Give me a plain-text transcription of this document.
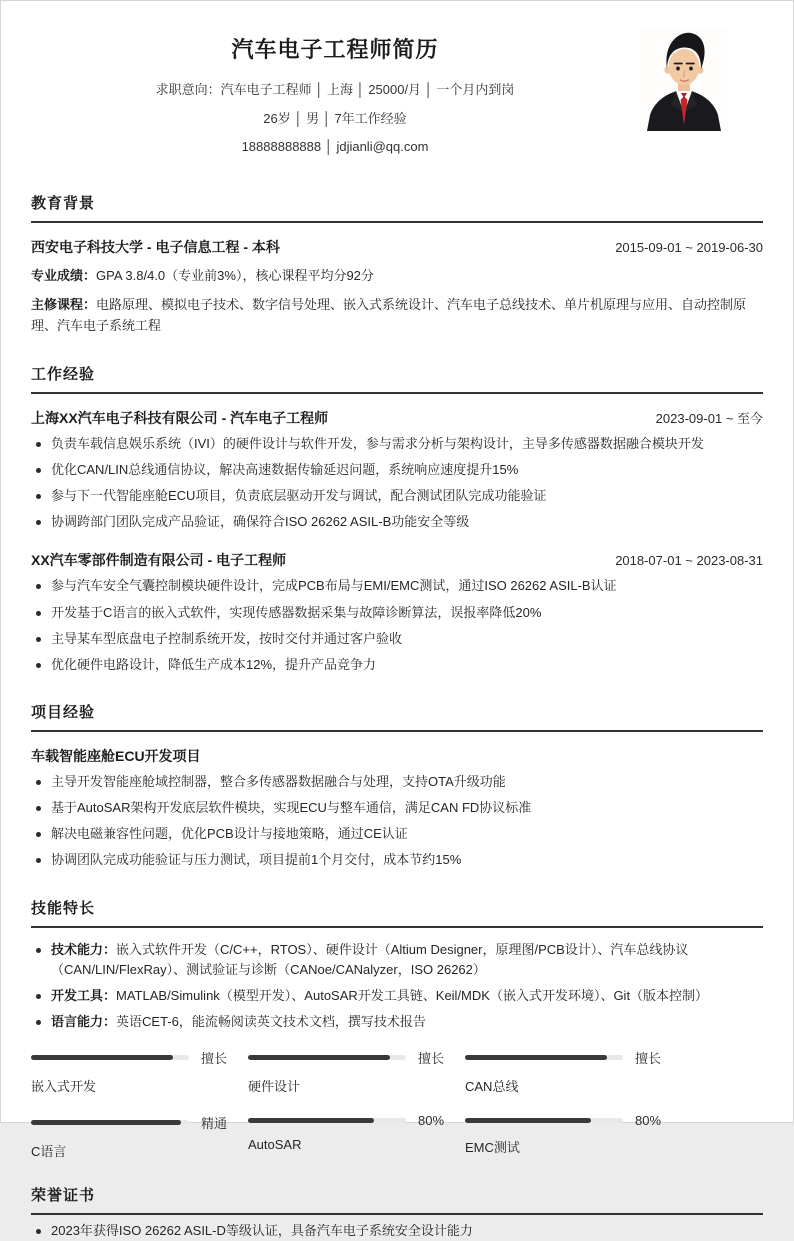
汽车电子工程师简历
求职意向：汽车电子工程师 │ 上海 │ 25000/月 │ 一个月内到岗
26岁 │ 男 │ 7年工作经验
18888888888 │ jdjianli@qq.com
教育背景
西安电子科技大学 - 电子信息工程 - 本科	2015-09-01 ~ 2019-06-30
专业成绩：GPA 3.8/4.0（专业前3%），核心课程平均分92分
主修课程：电路原理、模拟电子技术、数字信号处理、嵌入式系统设计、汽车电子总线技术、单片机原理与应用、自动控制原理、汽车电子系统工程
工作经验
上海XX汽车电子科技有限公司 - 汽车电子工程师	2023-09-01 ~ 至今
负责车载信息娱乐系统（IVI）的硬件设计与软件开发，参与需求分析与架构设计，主导多传感器数据融合模块开发
优化CAN/LIN总线通信协议，解决高速数据传输延迟问题，系统响应速度提升15%
参与下一代智能座舱ECU项目，负责底层驱动开发与调试，配合测试团队完成功能验证
协调跨部门团队完成产品验证，确保符合ISO 26262 ASIL-B功能安全等级
XX汽车零部件制造有限公司 - 电子工程师	2018-07-01 ~ 2023-08-31
参与汽车安全气囊控制模块硬件设计，完成PCB布局与EMI/EMC测试，通过ISO 26262 ASIL-B认证
开发基于C语言的嵌入式软件，实现传感器数据采集与故障诊断算法，误报率降低20%
主导某车型底盘电子控制系统开发，按时交付并通过客户验收
优化硬件电路设计，降低生产成本12%，提升产品竞争力
项目经验
车载智能座舱ECU开发项目
主导开发智能座舱域控制器，整合多传感器数据融合与处理，支持OTA升级功能
基于AutoSAR架构开发底层软件模块，实现ECU与整车通信，满足CAN FD协议标准
解决电磁兼容性问题，优化PCB设计与接地策略，通过CE认证
协调团队完成功能验证与压力测试，项目提前1个月交付，成本节约15%
技能特长
技术能力：嵌入式软件开发（C/C++，RTOS）、硬件设计（Altium Designer，原理图/PCB设计）、汽车总线协议（CAN/LIN/FlexRay）、测试验证与诊断（CANoe/CANalyzer，ISO 26262）
开发工具：MATLAB/Simulink（模型开发）、AutoSAR开发工具链、Keil/MDK（嵌入式开发环境）、Git（版本控制）
语言能力：英语CET-6，能流畅阅读英文技术文档，撰写技术报告
擅长
嵌入式开发
擅长
硬件设计
擅长
CAN总线
精通
C语言
80%
AutoSAR
80%
EMC测试
荣誉证书
2023年获得ISO 26262 ASIL-D等级认证，具备汽车电子系统安全设计能力
